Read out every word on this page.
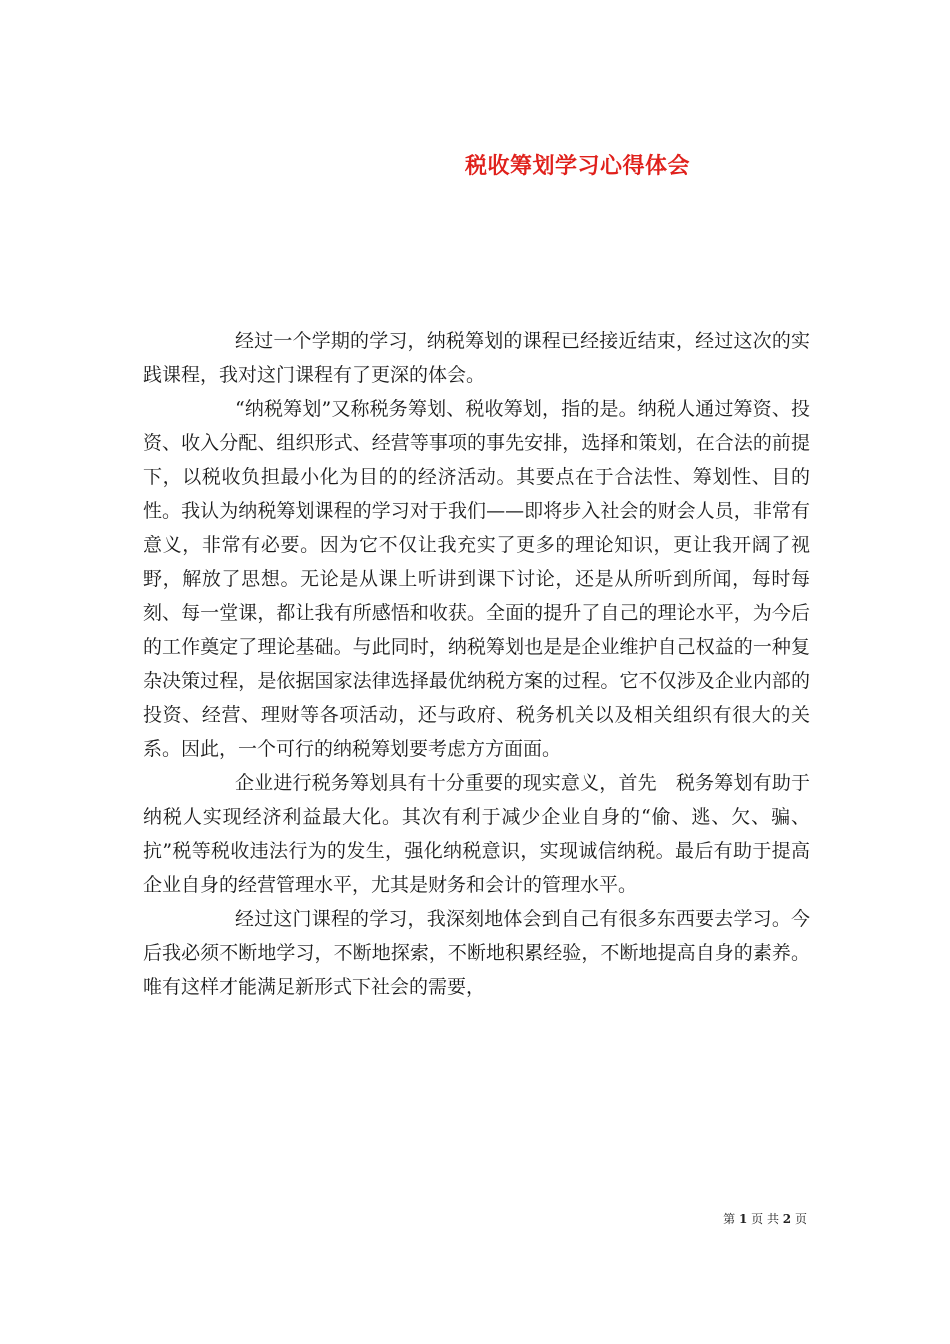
税收筹划学习心得体会

经过一个学期的学习，纳税筹划的课程已经接近结束，经过这次的实践课程，我对这门课程有了更深的体会。

“纳税筹划”又称税务筹划、税收筹划，指的是。纳税人通过筹资、投资、收入分配、组织形式、经营等事项的事先安排，选择和策划，在合法的前提下，以税收负担最小化为目的的经济活动。其要点在于合法性、筹划性、目的性。我认为纳税筹划课程的学习对于我们——即将步入社会的财会人员，非常有意义，非常有必要。因为它不仅让我充实了更多的理论知识，更让我开阔了视野，解放了思想。无论是从课上听讲到课下讨论，还是从所听到所闻，每时每刻、每一堂课，都让我有所感悟和收获。全面的提升了自己的理论水平，为今后的工作奠定了理论基础。与此同时，纳税筹划也是是企业维护自己权益的一种复杂决策过程，是依据国家法律选择最优纳税方案的过程。它不仅涉及企业内部的投资、经营、理财等各项活动，还与政府、税务机关以及相关组织有很大的关系。因此，一个可行的纳税筹划要考虑方方面面。

企业进行税务筹划具有十分重要的现实意义，首先　税务筹划有助于纳税人实现经济利益最大化。其次有利于减少企业自身的“偷、逃、欠、骗、抗”税等税收违法行为的发生，强化纳税意识，实现诚信纳税。最后有助于提高企业自身的经营管理水平，尤其是财务和会计的管理水平。

经过这门课程的学习，我深刻地体会到自己有很多东西要去学习。今后我必须不断地学习，不断地探索，不断地积累经验，不断地提高自身的素养。唯有这样才能满足新形式下社会的需要，

第 1 页 共 2 页
